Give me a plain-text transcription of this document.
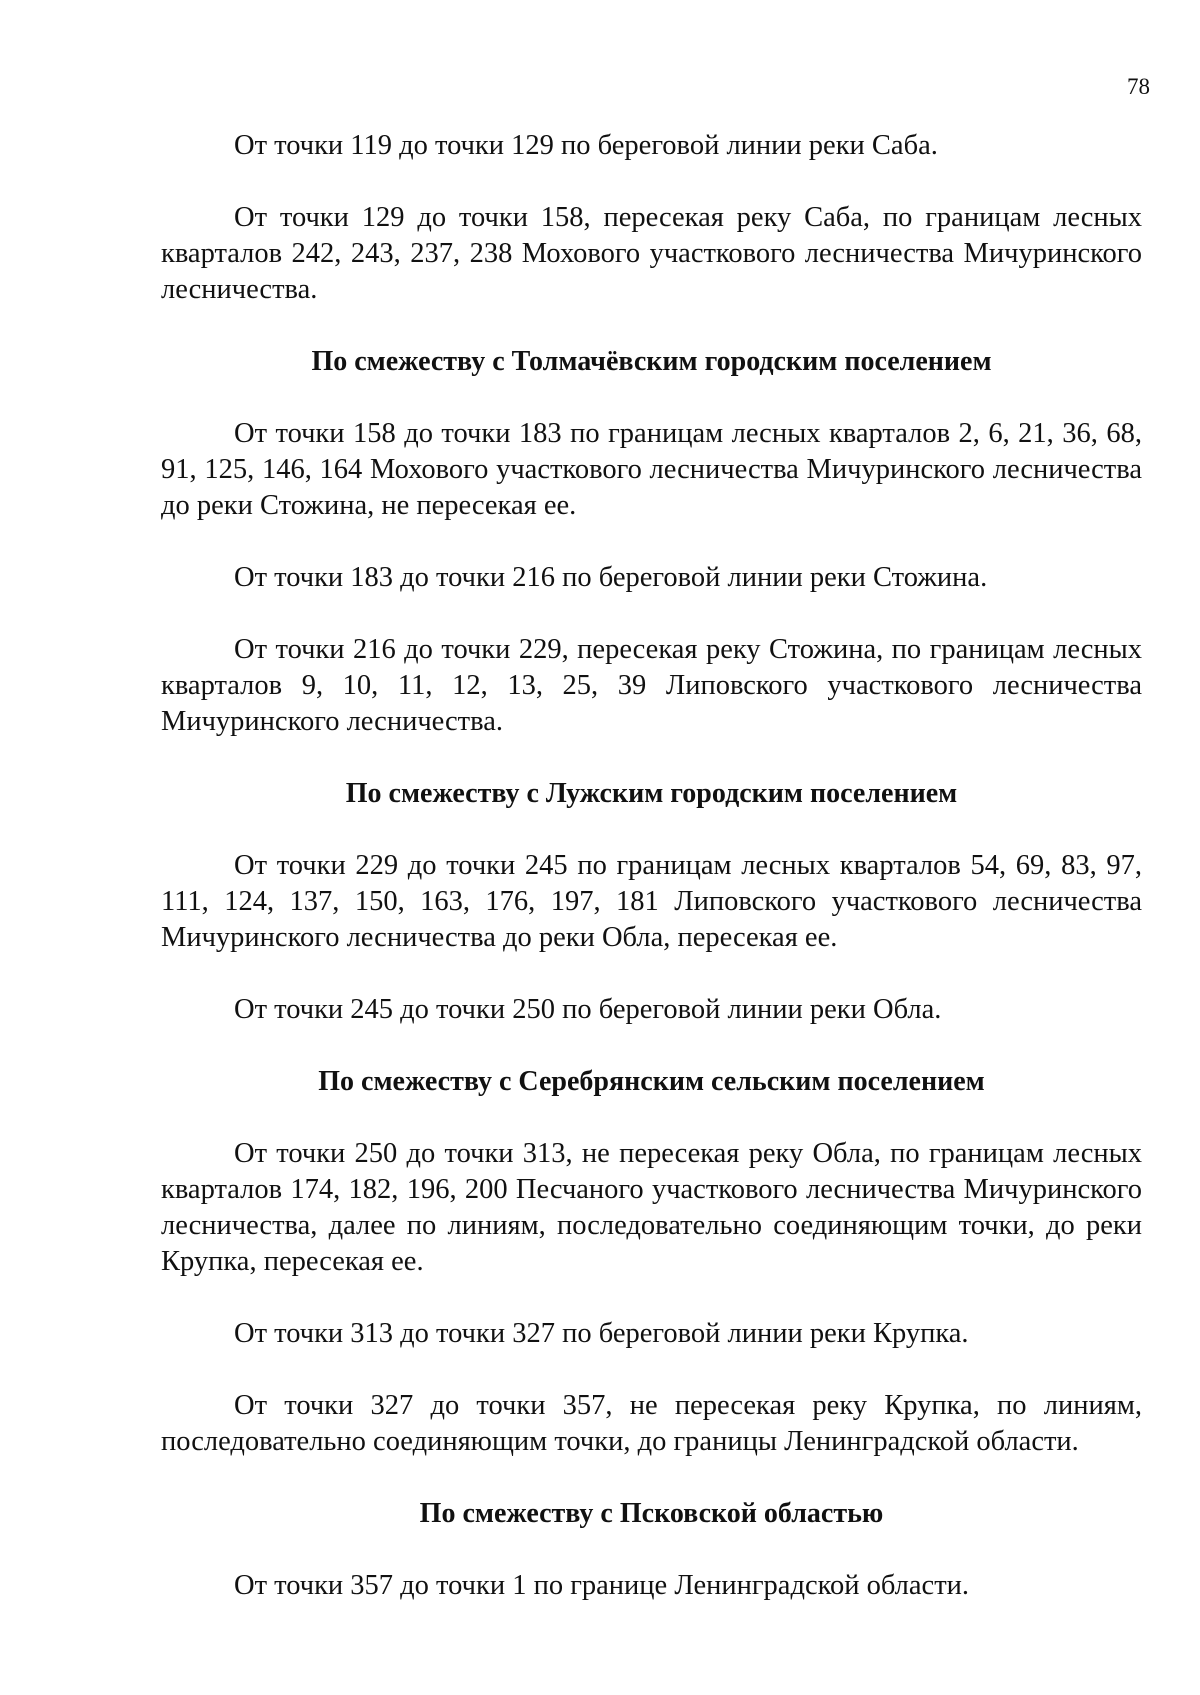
78

От точки 119 до точки 129 по береговой линии реки Саба.

От точки 129 до точки 158, пересекая реку Саба, по границам лесных кварталов 242, 243, 237, 238 Мохового участкового лесничества Мичуринского лесничества.

По смежеству с Толмачёвским городским поселением

От точки 158 до точки 183 по границам лесных кварталов 2, 6, 21, 36, 68, 91, 125, 146, 164 Мохового участкового лесничества Мичуринского лесничества до реки Стожина, не пересекая ее.

От точки 183 до точки 216 по береговой линии реки Стожина.

От точки 216 до точки 229, пересекая реку Стожина, по границам лесных кварталов 9, 10, 11, 12, 13, 25, 39 Липовского участкового лесничества Мичуринского лесничества.

По смежеству с Лужским городским поселением

От точки 229 до точки 245 по границам лесных кварталов 54, 69, 83, 97, 111, 124, 137, 150, 163, 176, 197, 181 Липовского участкового лесничества Мичуринского лесничества до реки Обла, пересекая ее.

От точки 245 до точки 250 по береговой линии реки Обла.

По смежеству с Серебрянским сельским поселением

От точки 250 до точки 313, не пересекая реку Обла, по границам лесных кварталов 174, 182, 196, 200 Песчаного участкового лесничества Мичуринского лесничества, далее по линиям, последовательно соединяющим точки, до реки Крупка, пересекая ее.

От точки 313 до точки 327 по береговой линии реки Крупка.

От точки 327 до точки 357, не пересекая реку Крупка, по линиям, последовательно соединяющим точки, до границы Ленинградской области.

По смежеству с Псковской областью

От точки 357 до точки 1 по границе Ленинградской области.
